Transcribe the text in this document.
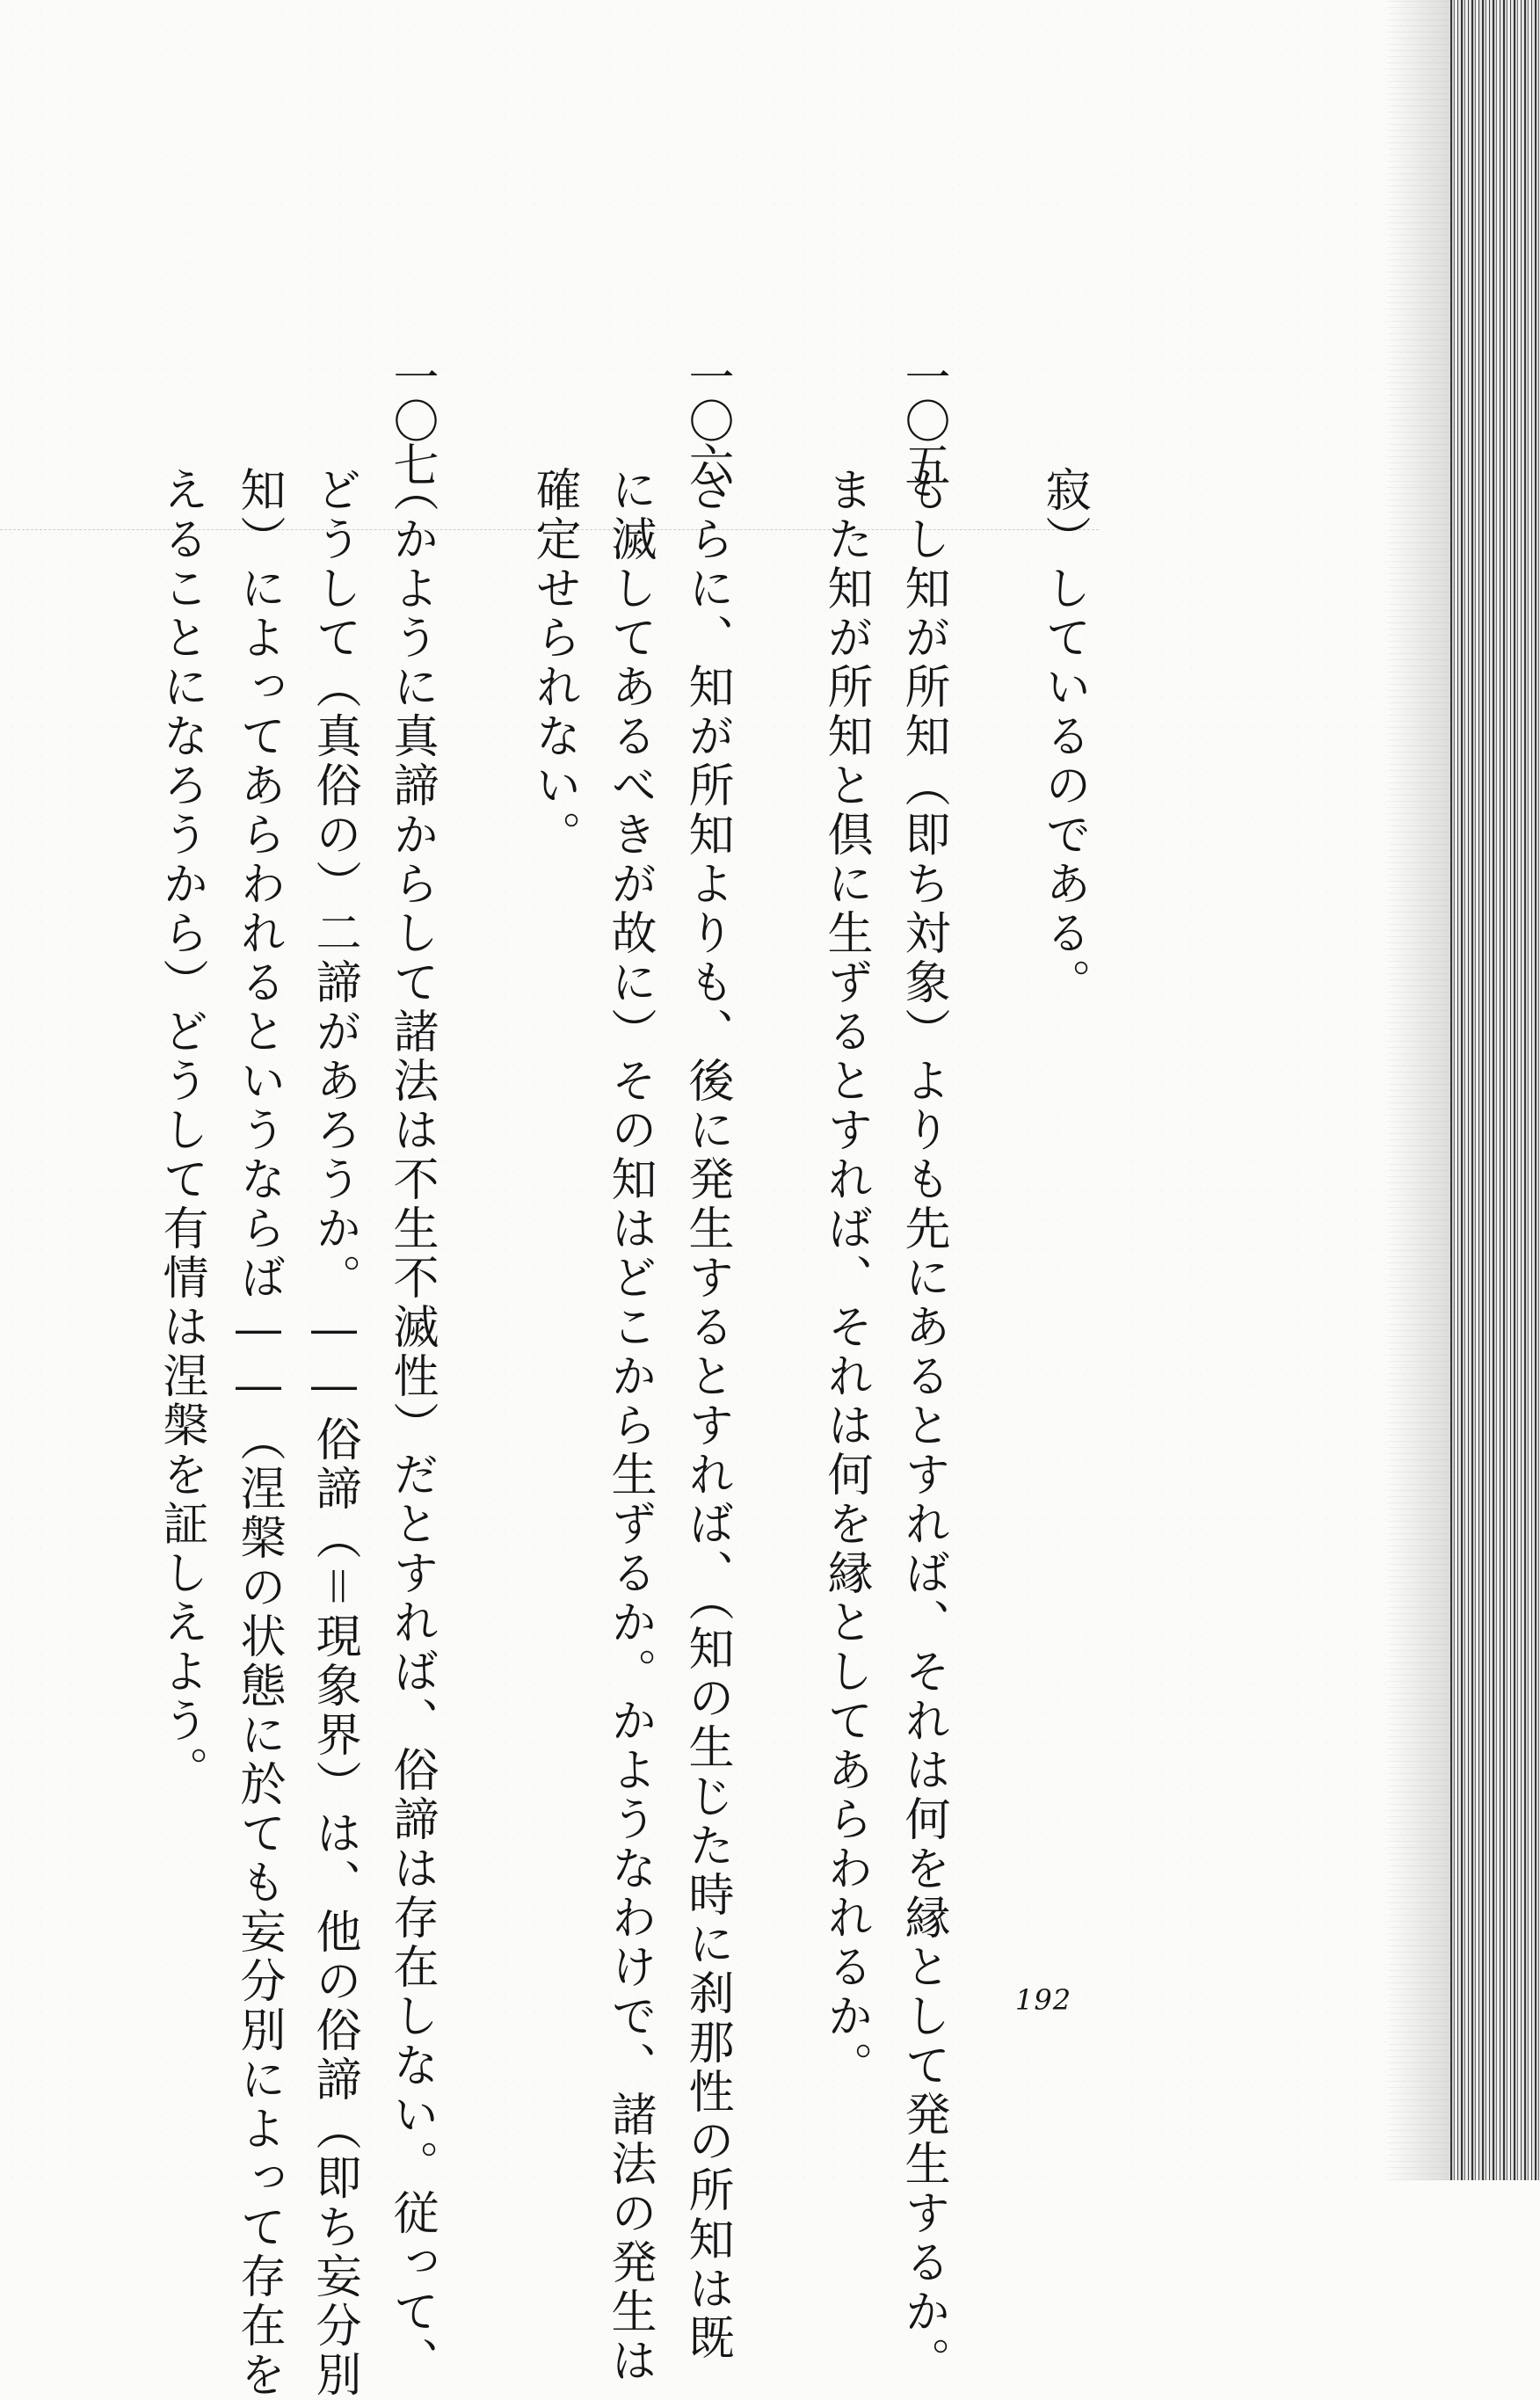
寂）しているのである。
一〇五
もし知が所知（即ち対象）よりも先にあるとすれば、それは何を縁として発生するか。
また知が所知と倶に生ずるとすれば、それは何を縁としてあらわれるか。
一〇六
さらに、知が所知よりも、後に発生するとすれば、（知の生じた時に刹那性の所知は既
に滅してあるべきが故に）その知はどこから生ずるか。かようなわけで、諸法の発生は
確定せられない。
一〇七
（かように真諦からして諸法は不生不滅性）だとすれば、俗諦は存在しない。従って、
どうして（真俗の）二諦があろうか。――俗諦（＝現象界）は、他の俗諦（即ち妄分別
知）によってあらわれるというならば――（涅槃の状態に於ても妄分別によって存在を
えることになろうから）どうして有情は涅槃を証しえよう。
192
